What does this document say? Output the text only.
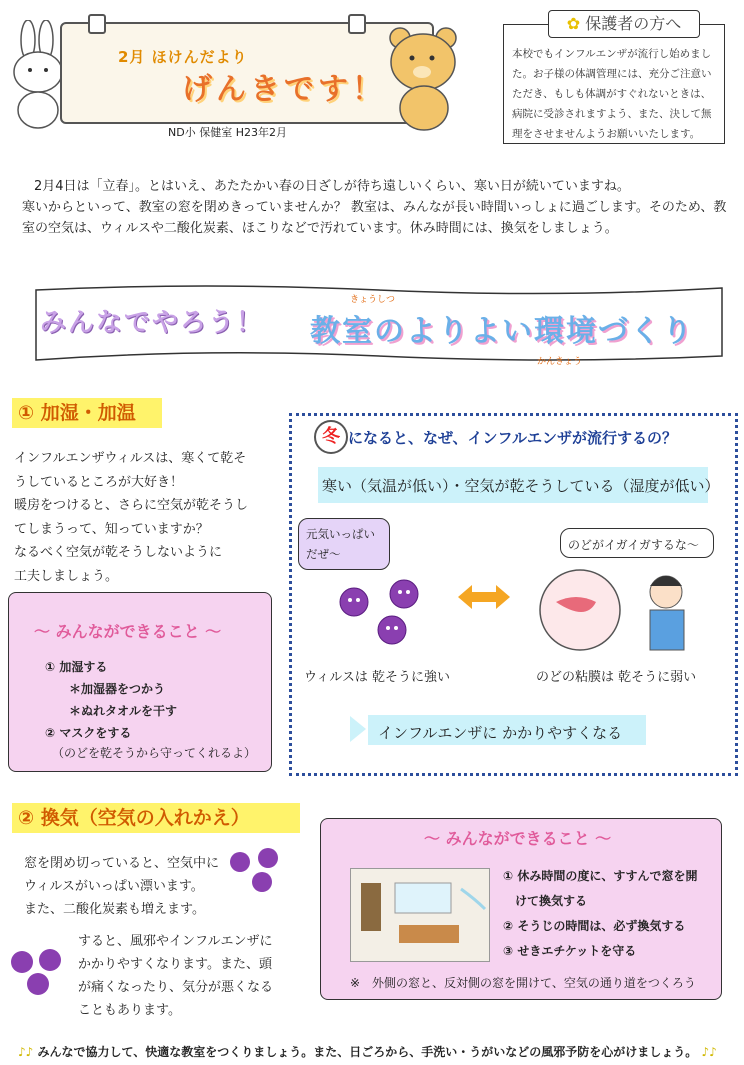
2月 ほけんだより
げんきです！
ND小 保健室 H23年2月
✿ 保護者の方へ
本校でもインフルエンザが流行し始めました。お子様の体調管理には、充分ご注意いただき、もしも体調がすぐれないときは、病院に受診されますよう、また、決して無理をさせませんようお願いいたします。
2月4日は「立春」。とはいえ、あたたかい春の日ざしが待ち遠しいくらい、寒い日が続いていますね。
寒いからといって、教室の窓を閉めきっていませんか？ 教室は、みんなが長い時間いっしょに過ごします。そのため、教室の空気は、ウィルスや二酸化炭素、ほこりなどで汚れています。休み時間には、換気をしましょう。
みんなでやろう！
きょうしつ
教室のよりよい環境づくり
かんきょう
① 加湿・加温
インフルエンザウィルスは、寒くて乾そ
うしているところが大好き！
暖房をつけると、さらに空気が乾そうし
てしまうって、知っていますか？
なるべく空気が乾そうしないように
工夫しましょう。
～ みんなができること ～
① 加湿する
　　＊加湿器をつかう
　　＊ぬれタオルを干す
② マスクをする
（のどを乾そうから守ってくれるよ）
冬 になると、なぜ、インフルエンザが流行するの？
寒い（気温が低い）・空気が乾そうしている（湿度が低い）
元気いっぱい
だぜ～
のどがイガイガするな～
ウィルスは 乾そうに強い	のどの粘膜は 乾そうに弱い
インフルエンザに かかりやすくなる
② 換気（空気の入れかえ）
窓を閉め切っていると、空気中に
ウィルスがいっぱい漂います。
また、二酸化炭素も増えます。
すると、風邪やインフルエンザに
かかりやすくなります。また、頭
が痛くなったり、気分が悪くなる
こともあります。
～ みんなができること ～
① 休み時間の度に、すすんで窓を開
　けて換気する
② そうじの時間は、必ず換気する
③ せきエチケットを守る
※　外側の窓と、反対側の窓を開けて、空気の通り道をつくろう
♪♪ みんなで協力して、快適な教室をつくりましょう。また、日ごろから、手洗い・うがいなどの風邪予防を心がけましょう。 ♪♪
